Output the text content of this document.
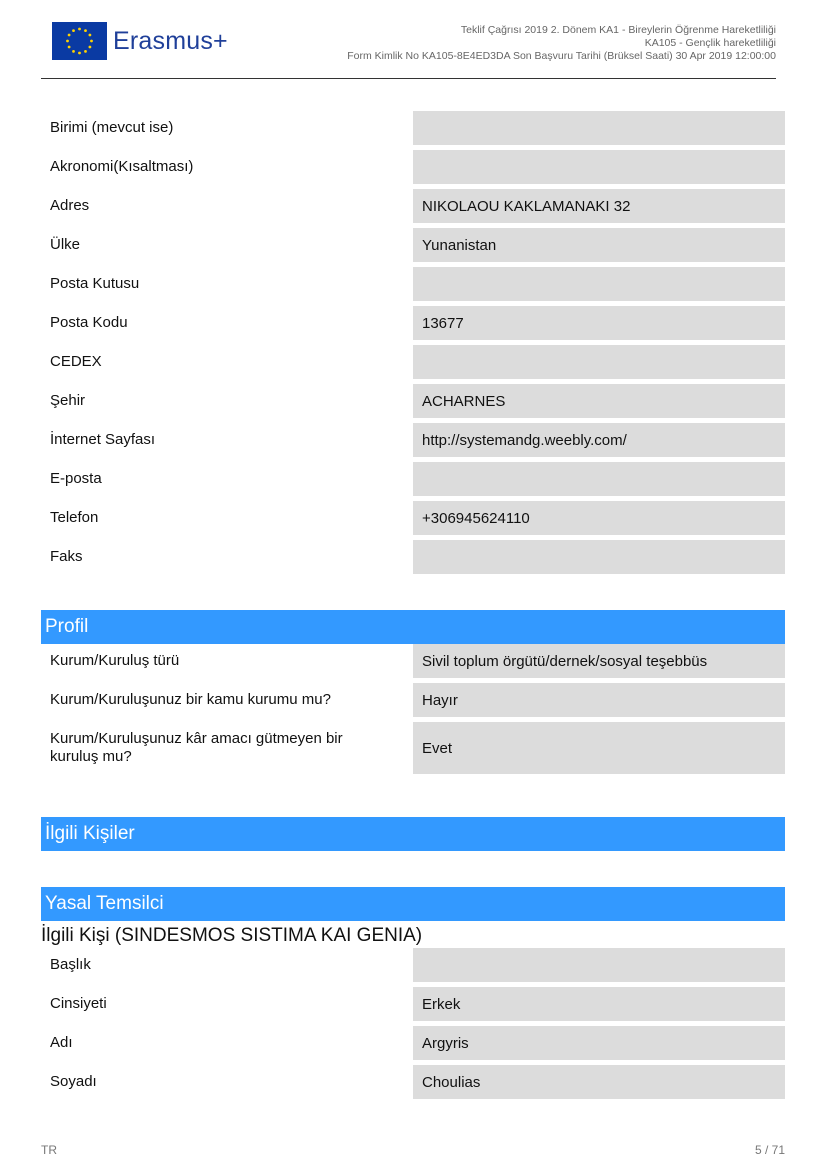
Erasmus+	Teklif Çağrısı 2019 2. Dönem KA1 - Bireylerin Öğrenme Hareketliliği
KA105 - Gençlik hareketliliği
Form Kimlik No KA105-8E4ED3DA Son Başvuru Tarihi (Brüksel Saati) 30 Apr 2019 12:00:00
Birimi (mevcut ise)
Akronomi(Kısaltması)
Adres	NIKOLAOU KAKLAMANAKI 32
Ülke	Yunanistan
Posta Kutusu
Posta Kodu	13677
CEDEX
Şehir	ACHARNES
İnternet Sayfası	http://systemandg.weebly.com/
E-posta
Telefon	+306945624110
Faks
Profil
Kurum/Kuruluş türü	Sivil toplum örgütü/dernek/sosyal teşebbüs
Kurum/Kuruluşunuz bir kamu kurumu mu?	Hayır
Kurum/Kuruluşunuz kâr amacı gütmeyen bir kuruluş mu?	Evet
İlgili Kişiler
Yasal Temsilci
İlgili Kişi (SINDESMOS SISTIMA KAI GENIA)
Başlık
Cinsiyeti	Erkek
Adı	Argyris
Soyadı	Choulias
TR	5 / 71
